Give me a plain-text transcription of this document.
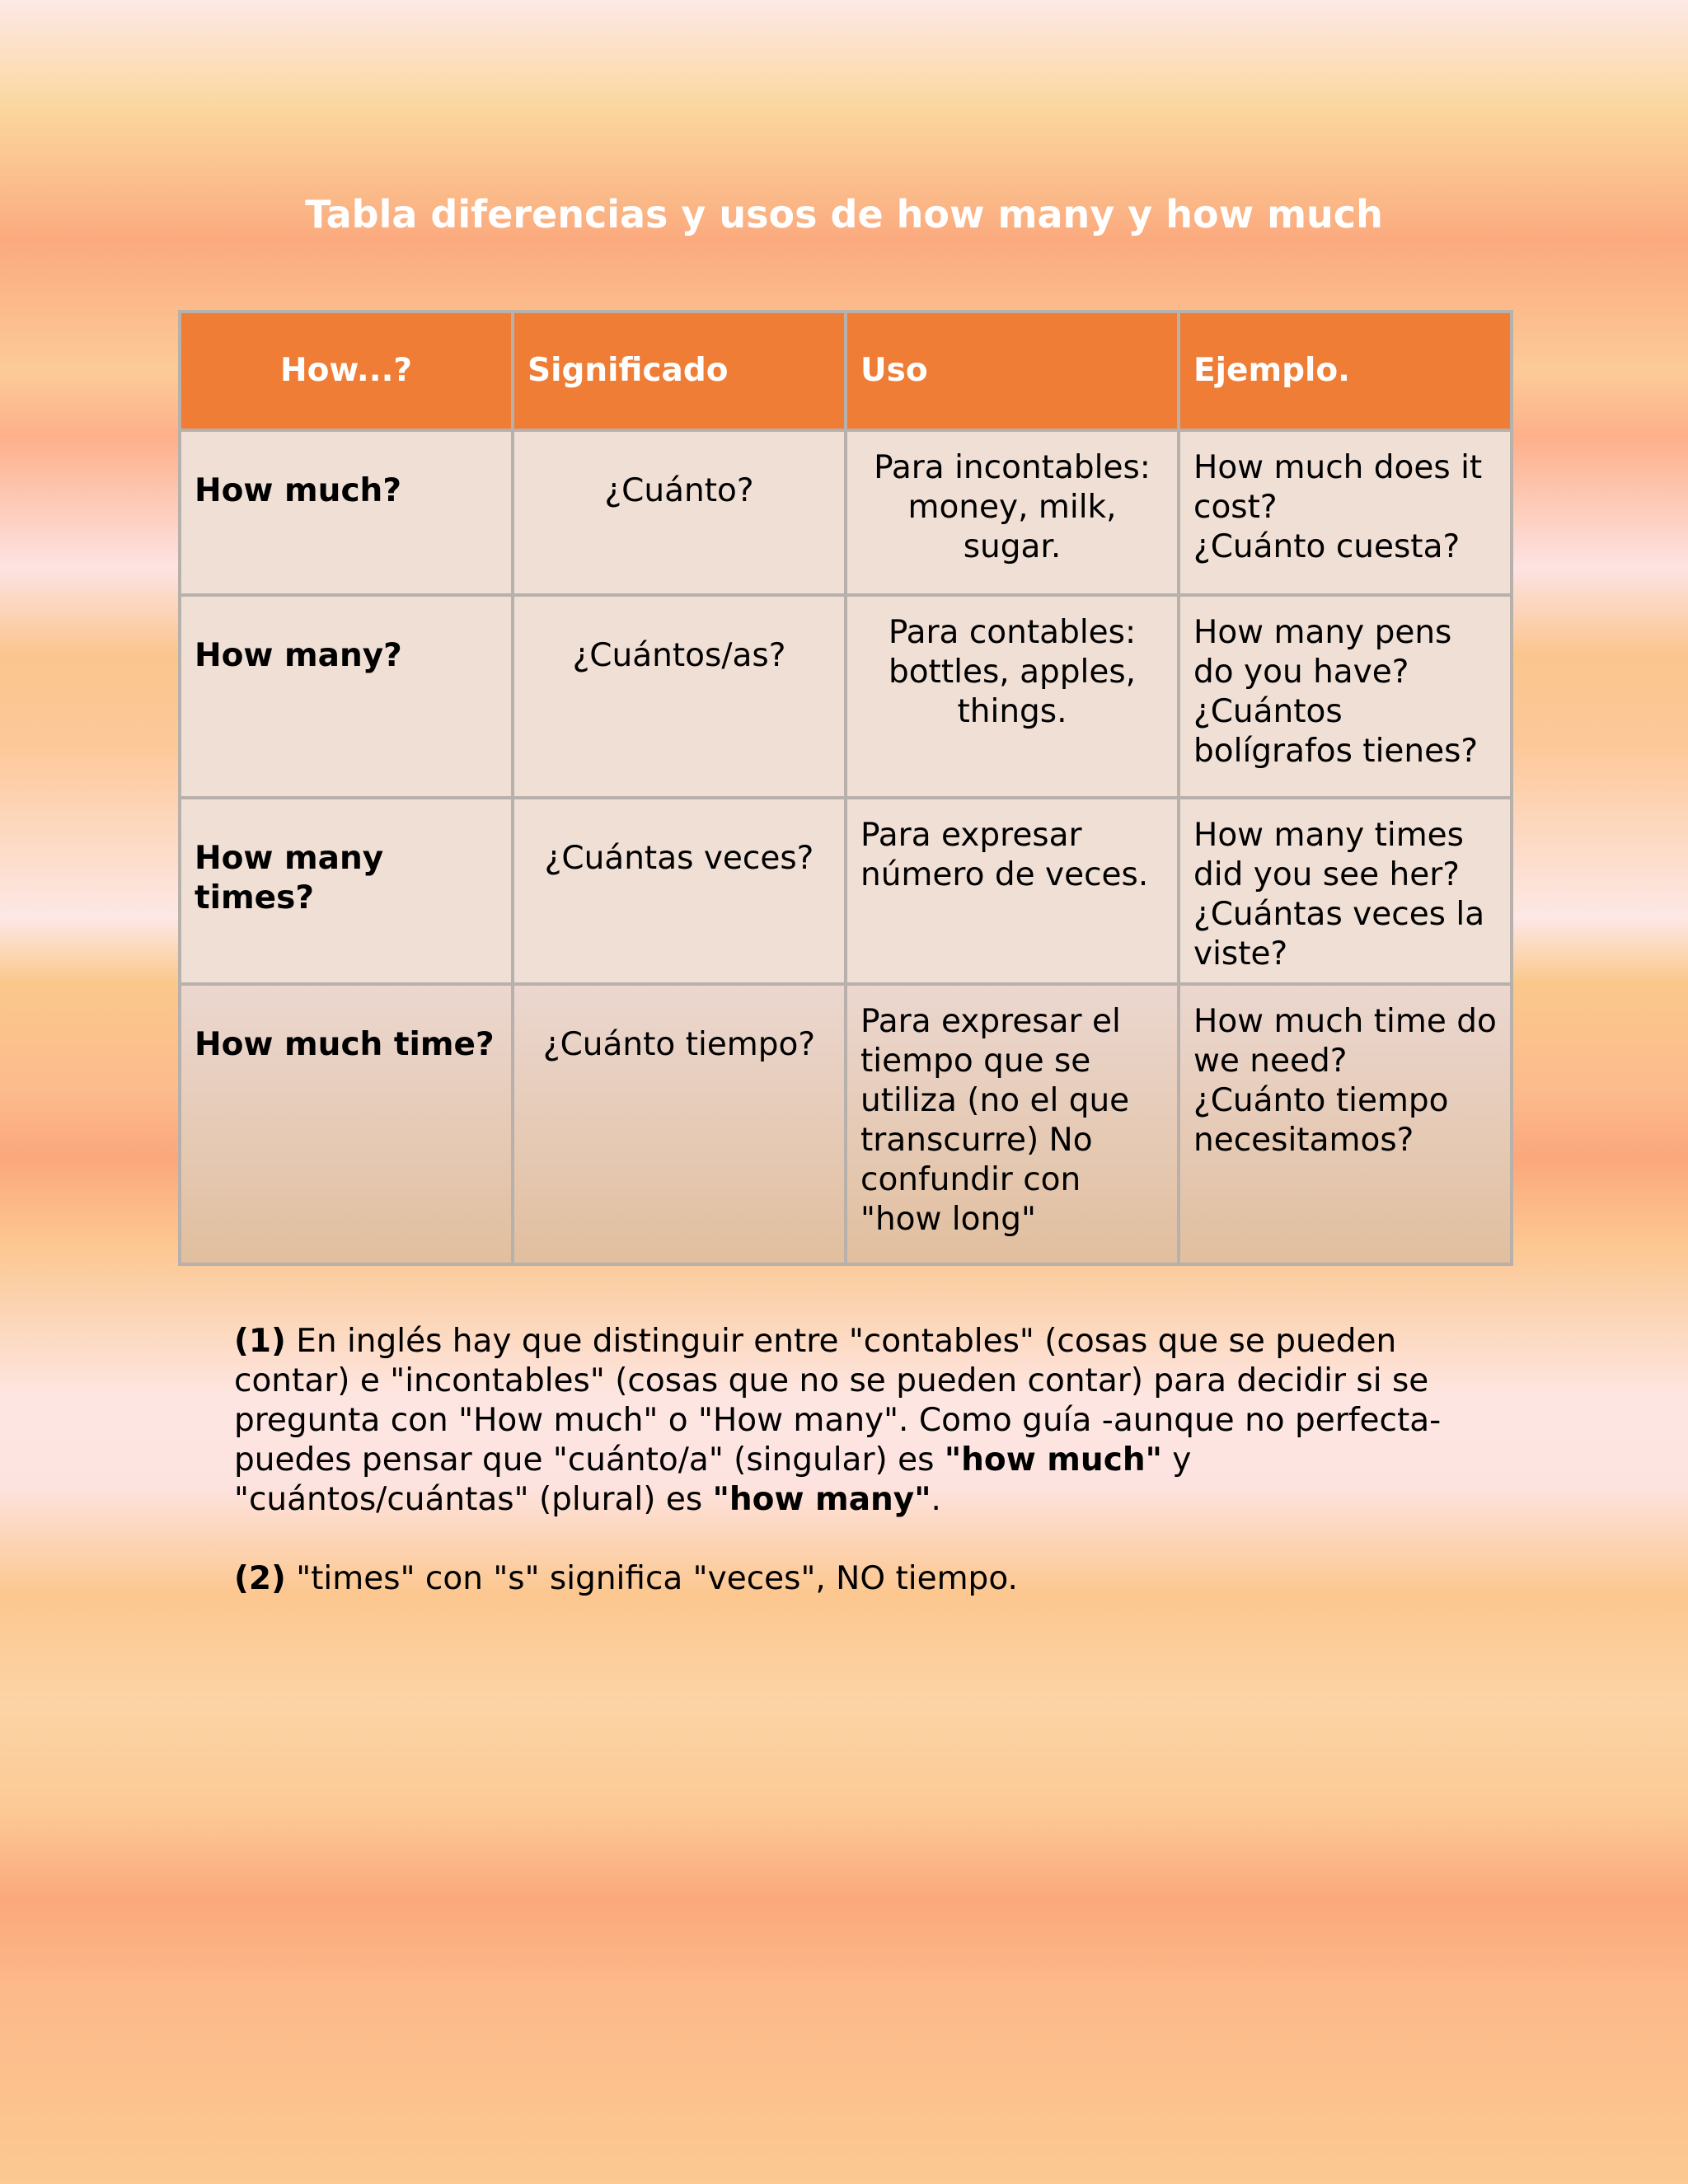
Tabla diferencias y usos de how many y how much
How...?	Significado	Uso	Ejemplo.
How much?	¿Cuánto?	Para incontables: money, milk, sugar.	How much does it cost?
¿Cuánto cuesta?

How many?	¿Cuántos/as?	Para contables: bottles, apples, things.	How many pens do you have?
¿Cuántos bolígrafos tienes?

How many times?	¿Cuántas veces?	Para expresar número de veces.	How many times did you see her?
¿Cuántas veces la viste?

How much time?	¿Cuánto tiempo?	Para expresar el tiempo que se utiliza (no el que transcurre) No confundir con "how long"	How much time do we need?
¿Cuánto tiempo necesitamos?

(1) En inglés hay que distinguir entre "contables" (cosas que se pueden contar) e "incontables" (cosas que no se pueden contar) para decidir si se pregunta con "How much" o "How many". Como guía -aunque no perfecta- puedes pensar que "cuánto/a" (singular) es "how much" y "cuántos/cuántas" (plural) es "how many".

(2) "times" con "s" significa "veces", NO tiempo.
